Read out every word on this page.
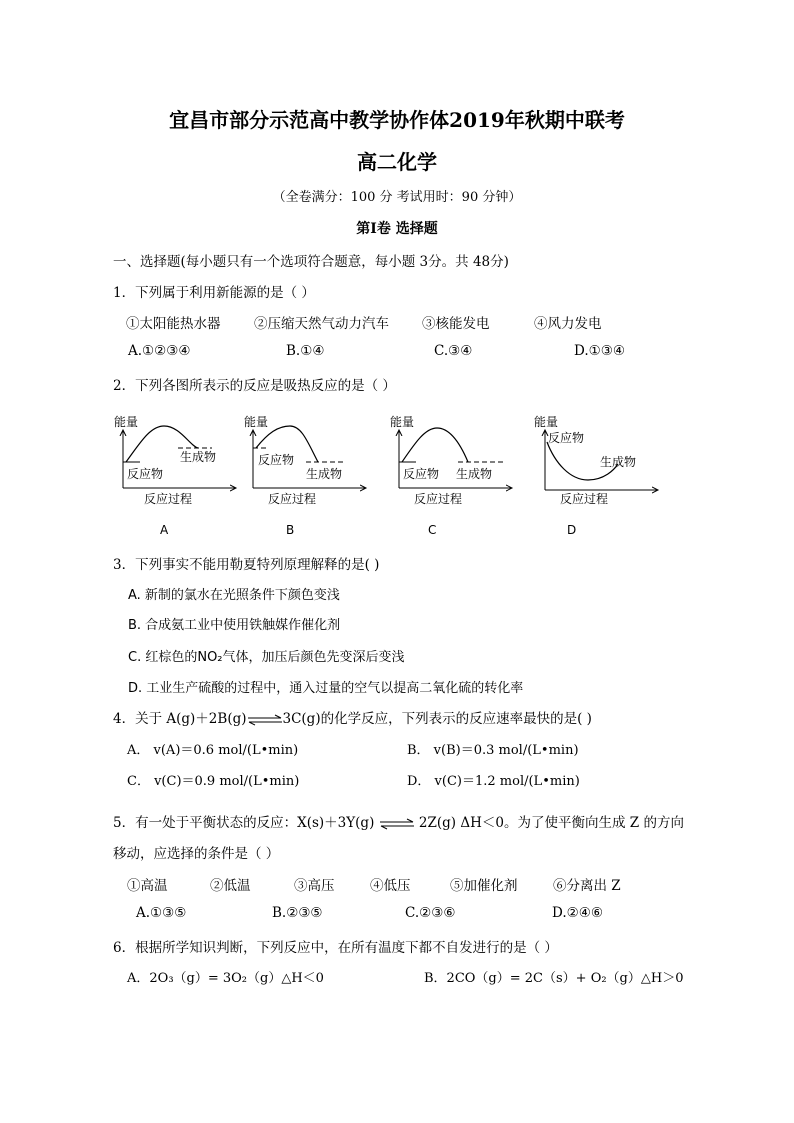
宜昌市部分示范高中教学协作体2019年秋期中联考
高二化学
（全卷满分：100 分 考试用时：90 分钟）
第Ⅰ卷 选择题
一、选择题(每小题只有一个选项符合题意，每小题 3分。共 48分)
1．下列属于利用新能源的是（ ）
①太阳能热水器 ②压缩天然气动力汽车 ③核能发电	④风力发电
A.①②③④	B.①④	C.③④	D.①③④
2．下列各图所表示的反应是吸热反应的是（ ）
能量
反应物
生成物
反应过程
A
能量
反应物
生成物
反应过程
B
能量
反应物 生成物
反应过程
C
能量
反应物
生成物
反应过程
D
3．下列事实不能用勒夏特列原理解释的是( )
A. 新制的氯水在光照条件下颜色变浅
B. 合成氨工业中使用铁触媒作催化剂
C. 红棕色的NO₂气体，加压后颜色先变深后变浅
D. 工业生产硫酸的过程中，通入过量的空气以提高二氧化硫的转化率
4．关于 A(g)＋2B(g)⇌3C(g)的化学反应，下列表示的反应速率最快的是( )
A． v(A)＝0.6 mol/(L•min)	B． v(B)＝0.3 mol/(L•min)
C． v(C)＝0.9 mol/(L•min)	D． v(C)＝1.2 mol/(L•min)
5．有一处于平衡状态的反应：X(s)＋3Y(g) ⇌ 2Z(g) ΔH＜0。为了使平衡向生成 Z 的方向
移动，应选择的条件是（ ）
①高温	②低温	③高压	④低压	⑤加催化剂	⑥分离出 Z
A.①③⑤	B.②③⑤	C.②③⑥	D.②④⑥
6．根据所学知识判断，下列反应中，在所有温度下都不自发进行的是（ ）
A．2O₃（g）= 3O₂（g）△H＜0	B．2CO（g）= 2C（s）+ O₂（g）△H＞0
